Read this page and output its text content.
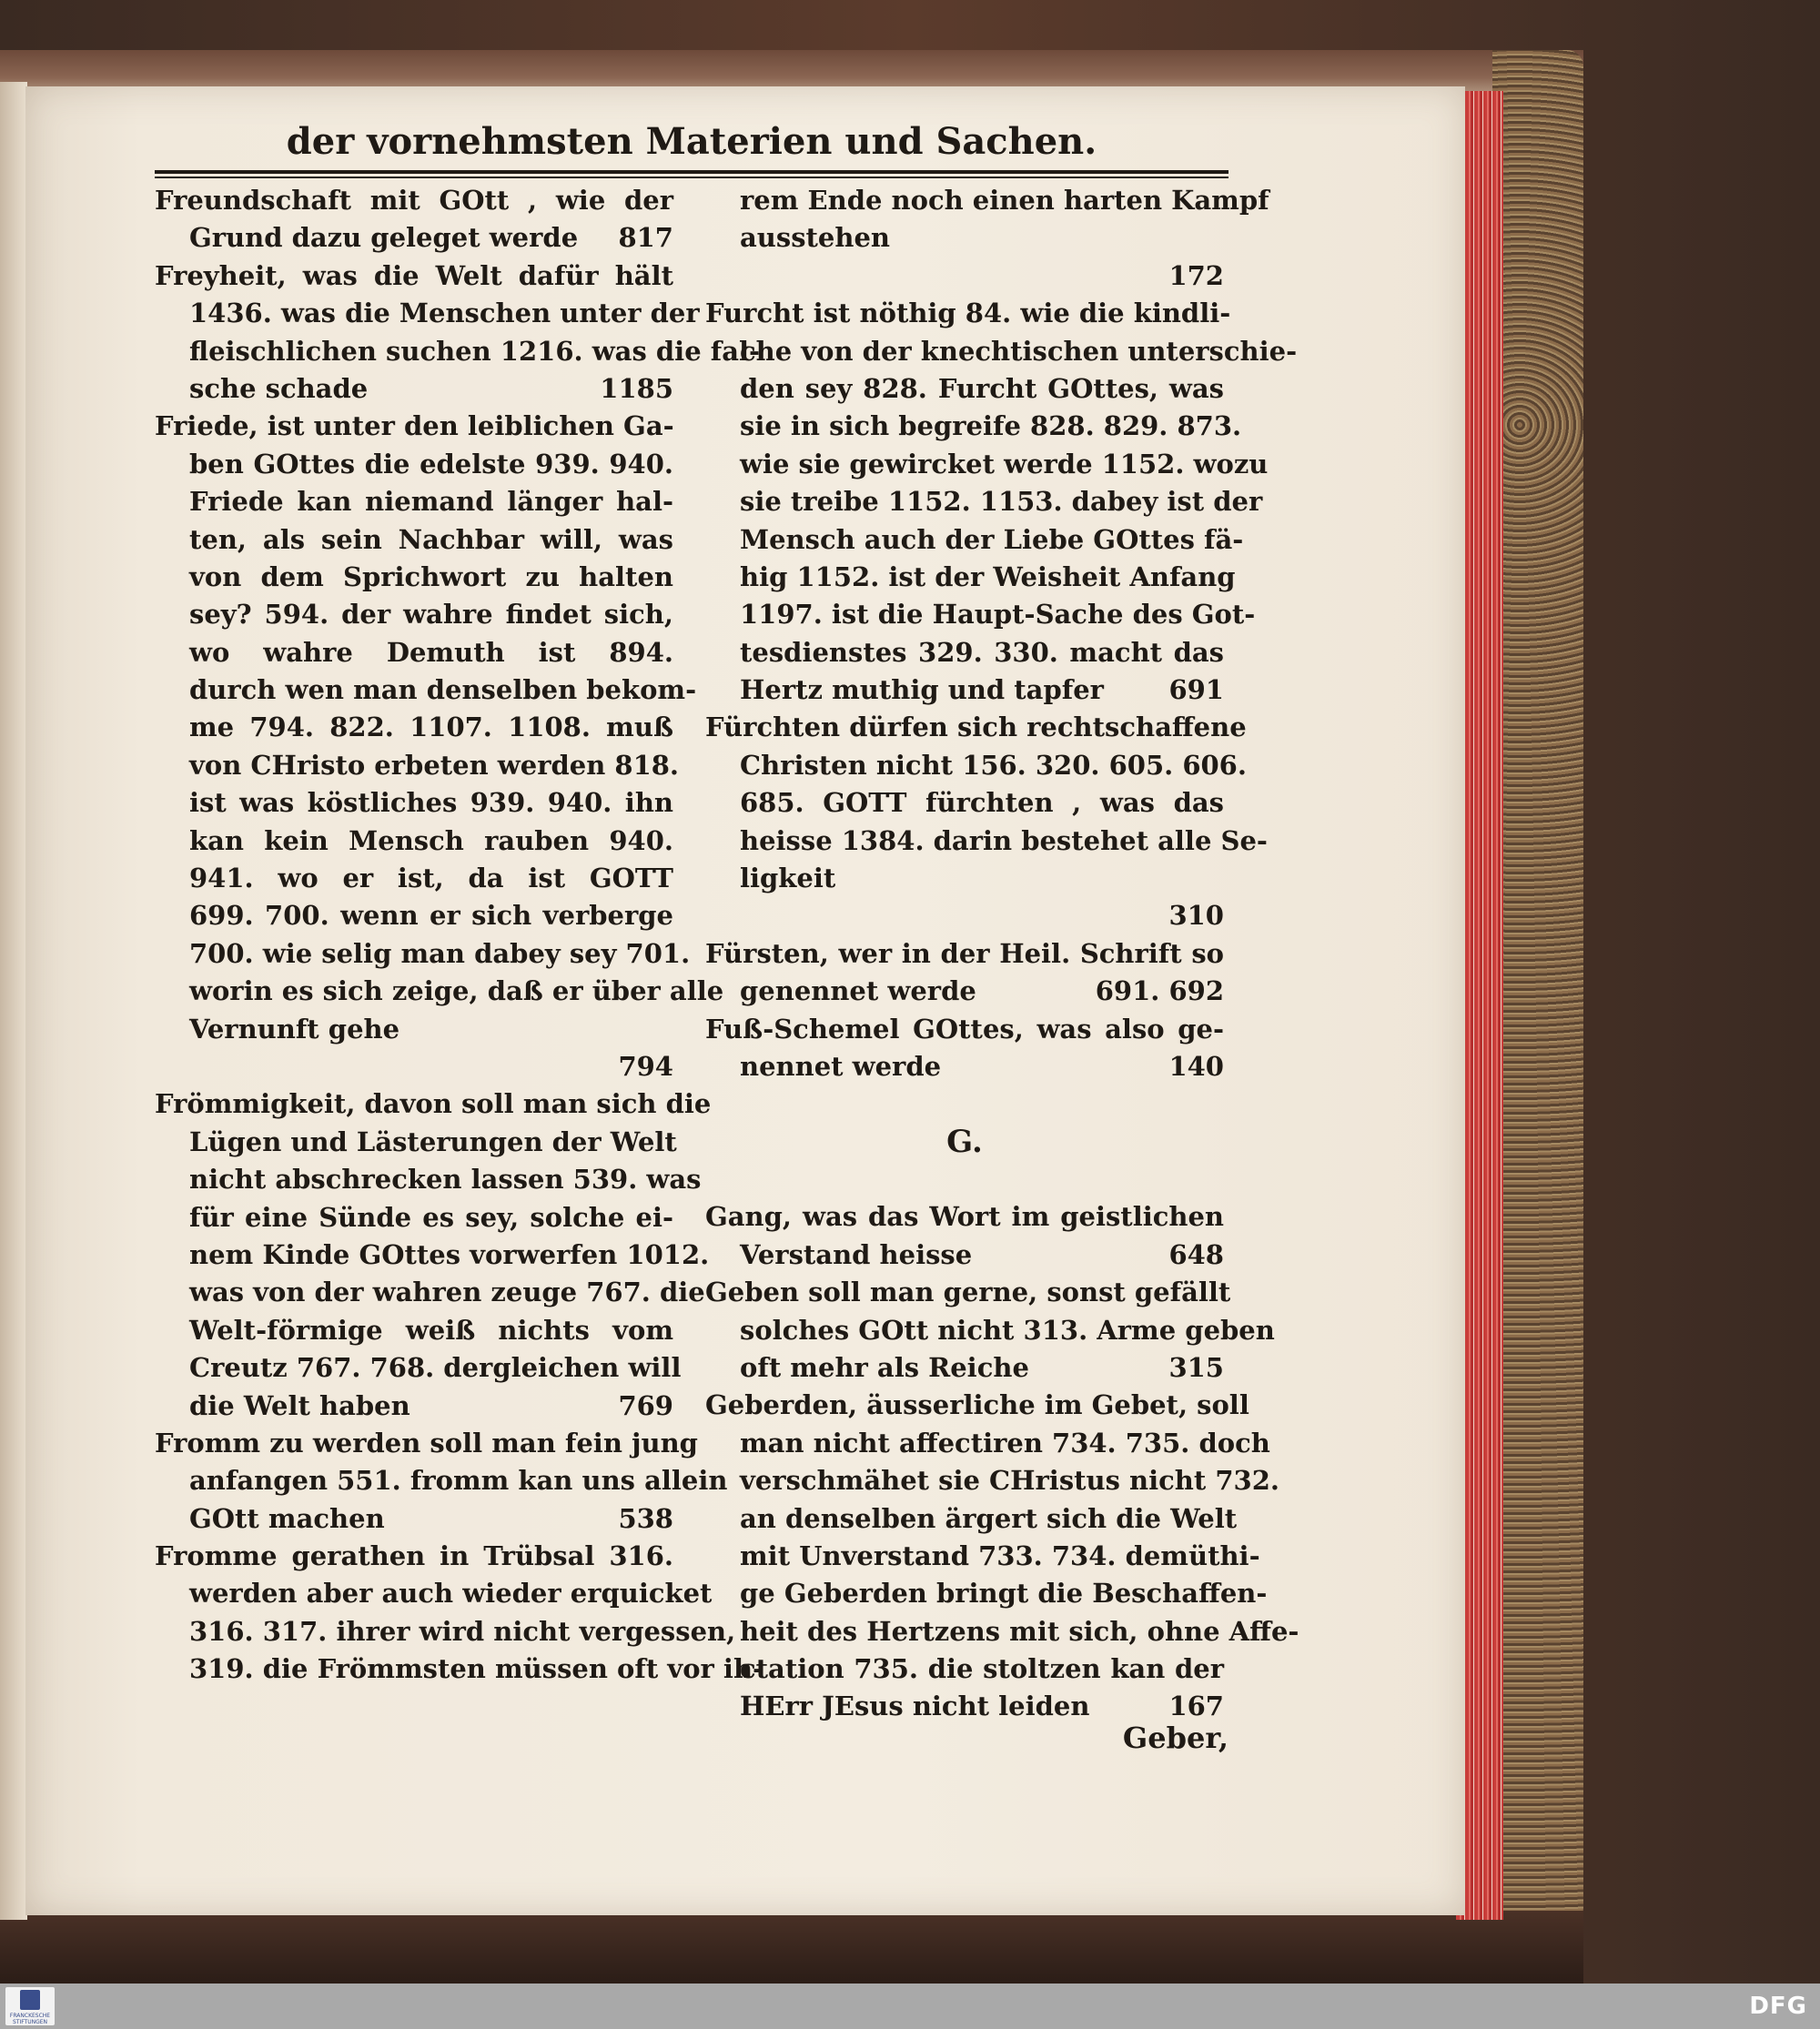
der vornehmsten Materien und Sachen.
Freundschaft mit GOtt , wie der
Grund dazu geleget werde 817
Freyheit, was die Welt dafür hält
1436. was die Menschen unter der
fleischlichen suchen 1216. was die fal-
sche schade	1185
Friede, ist unter den leiblichen Ga-
ben GOttes die edelste 939. 940.
Friede kan niemand länger hal-
ten, als sein Nachbar will, was
von dem Sprichwort zu halten
sey? 594. der wahre findet sich,
wo wahre Demuth ist 894.
durch wen man denselben bekom-
me 794. 822. 1107. 1108. muß
von CHristo erbeten werden 818.
ist was köstliches 939. 940. ihn
kan kein Mensch rauben 940.
941. wo er ist, da ist GOTT
699. 700. wenn er sich verberge
700. wie selig man dabey sey 701.
worin es sich zeige, daß er über alle
Vernunft gehe
794
Frömmigkeit, davon soll man sich die
Lügen und Lästerungen der Welt
nicht abschrecken lassen 539. was
für eine Sünde es sey, solche ei-
nem Kinde GOttes vorwerfen 1012.
was von der wahren zeuge 767. die
Welt-förmige weiß nichts vom
Creutz 767. 768. dergleichen will
die Welt haben	769
Fromm zu werden soll man fein jung
anfangen 551. fromm kan uns allein
GOtt machen	538
Fromme gerathen in Trübsal 316.
werden aber auch wieder erquicket
316. 317. ihrer wird nicht vergessen,
319. die Frömmsten müssen oft vor ih-
rem Ende noch einen harten Kampf
ausstehen
172
Furcht ist nöthig 84. wie die kindli-
che von der knechtischen unterschie-
den sey 828. Furcht GOttes, was
sie in sich begreife 828. 829. 873.
wie sie gewircket werde 1152. wozu
sie treibe 1152. 1153. dabey ist der
Mensch auch der Liebe GOttes fä-
hig 1152. ist der Weisheit Anfang
1197. ist die Haupt-Sache des Got-
tesdienstes 329. 330. macht das
Hertz muthig und tapfer 691
Fürchten dürfen sich rechtschaffene
Christen nicht 156. 320. 605. 606.
685. GOTT fürchten , was das
heisse 1384. darin bestehet alle Se-
ligkeit
310
Fürsten, wer in der Heil. Schrift so
genennet werde	691. 692
Fuß-Schemel GOttes, was also ge-
nennet werde	140
G.
Gang, was das Wort im geistlichen
Verstand heisse	648
Geben soll man gerne, sonst gefällt
solches GOtt nicht 313. Arme geben
oft mehr als Reiche	315
Geberden, äusserliche im Gebet, soll
man nicht affectiren 734. 735. doch
verschmähet sie CHristus nicht 732.
an denselben ärgert sich die Welt
mit Unverstand 733. 734. demüthi-
ge Geberden bringt die Beschaffen-
heit des Hertzens mit sich, ohne Affe-
ctation 735. die stoltzen kan der
HErr JEsus nicht leiden	167
Geber,
FRANCKESCHE STIFTUNGEN
DFG
